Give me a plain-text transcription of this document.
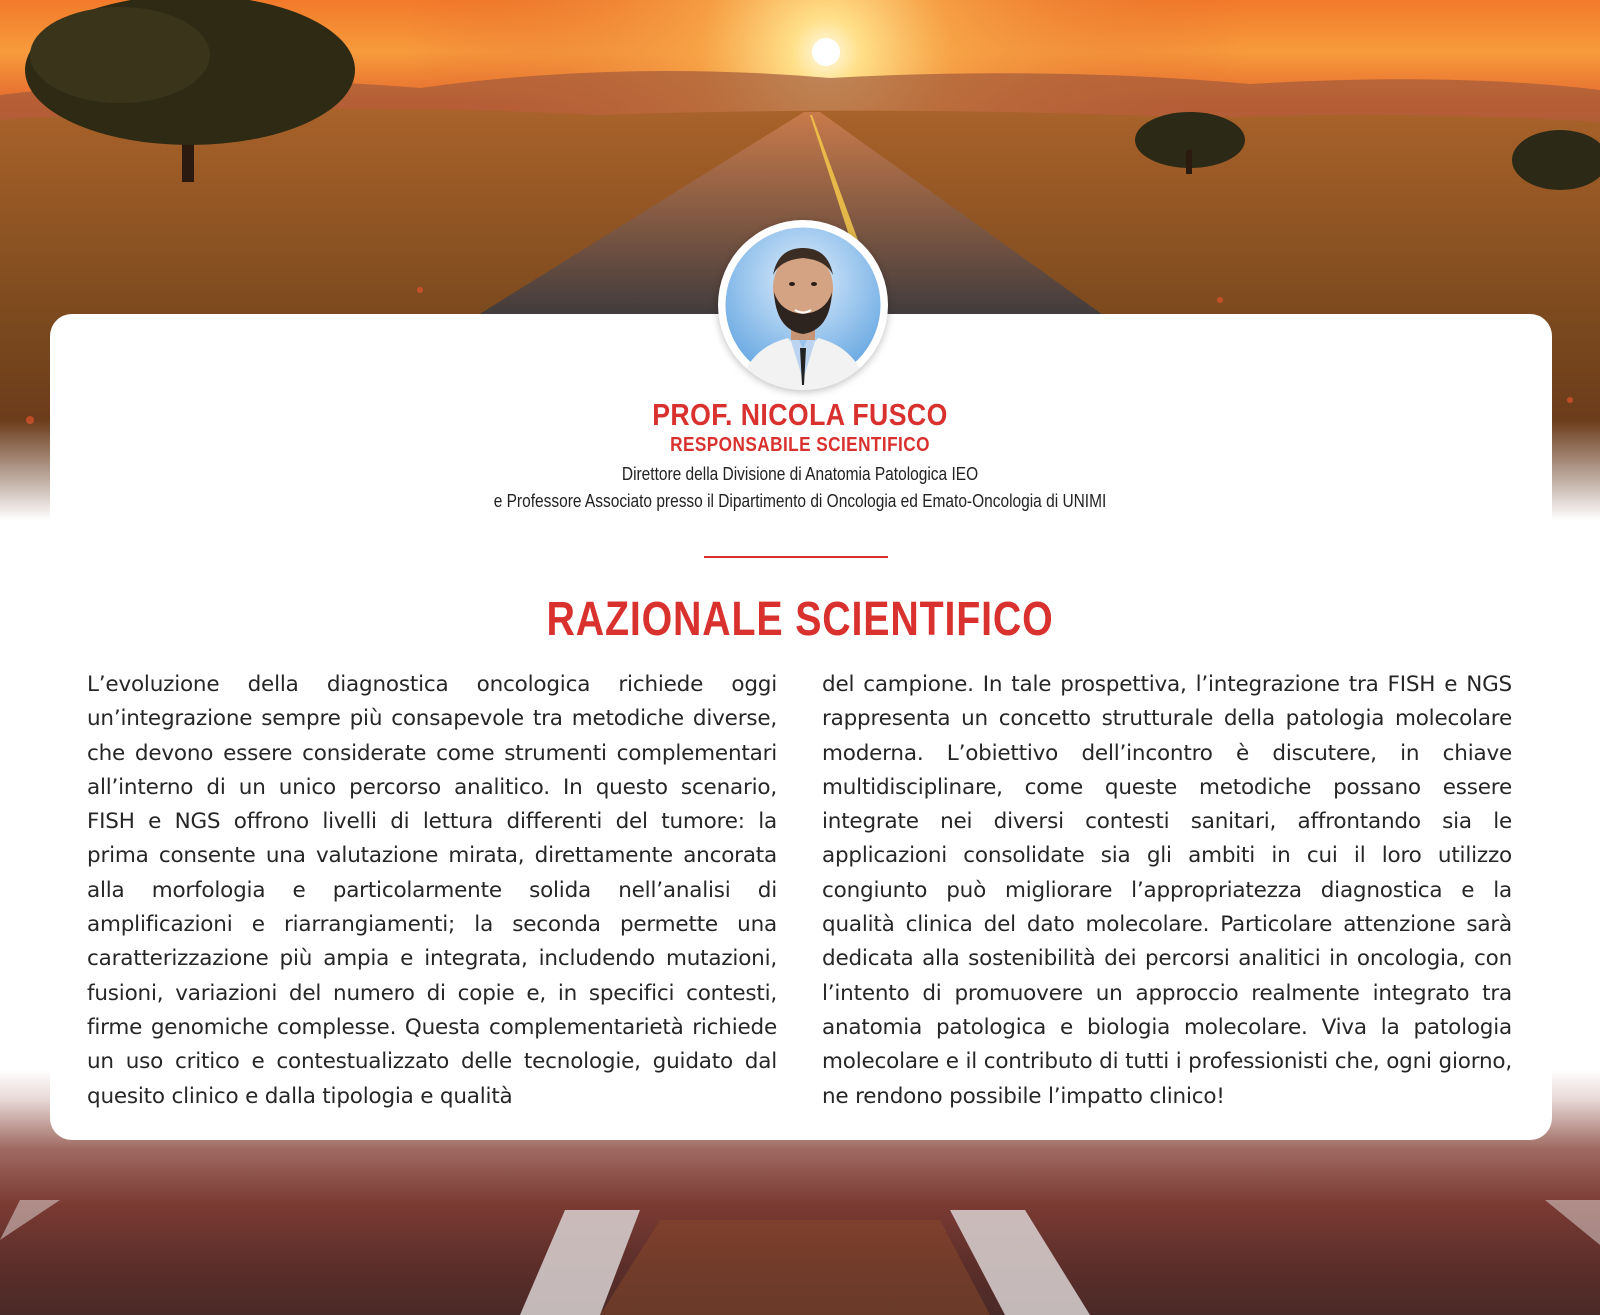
PROF. NICOLA FUSCO
RESPONSABILE SCIENTIFICO
Direttore della Divisione di Anatomia Patologica IEO
e Professore Associato presso il Dipartimento di Oncologia ed Emato-Oncologia di UNIMI
RAZIONALE SCIENTIFICO

L’evoluzione della diagnostica oncologica richiede oggi un’integrazione sempre più consapevole tra metodiche diverse, che devono essere considerate come strumenti complementari all’interno di un unico percorso analitico. In questo scenario, FISH e NGS offrono livelli di lettura differenti del tumore: la prima consente una valutazione mirata, direttamente ancorata alla morfologia e particolarmente solida nell’analisi di amplificazioni e riarrangiamenti; la seconda permette una caratterizzazione più ampia e integrata, includendo mutazioni, fusioni, variazioni del numero di copie e, in specifici contesti, firme genomiche complesse. Questa complementarietà richiede un uso critico e contestualizzato delle tecnologie, guidato dal quesito clinico e dalla tipologia e qualità

del campione. In tale prospettiva, l’integrazione tra FISH e NGS rappresenta un concetto strutturale della patologia molecolare moderna. L’obiettivo dell’incontro è discutere, in chiave multidisciplinare, come queste metodiche possano essere integrate nei diversi contesti sanitari, affrontando sia le applicazioni consolidate sia gli ambiti in cui il loro utilizzo congiunto può migliorare l’appropriatezza diagnostica e la qualità clinica del dato molecolare. Particolare attenzione sarà dedicata alla sostenibilità dei percorsi analitici in oncologia, con l’intento di promuovere un approccio realmente integrato tra anatomia patologica e biologia molecolare. Viva la patologia molecolare e il contributo di tutti i professionisti che, ogni giorno, ne rendono possibile l’impatto clinico!
